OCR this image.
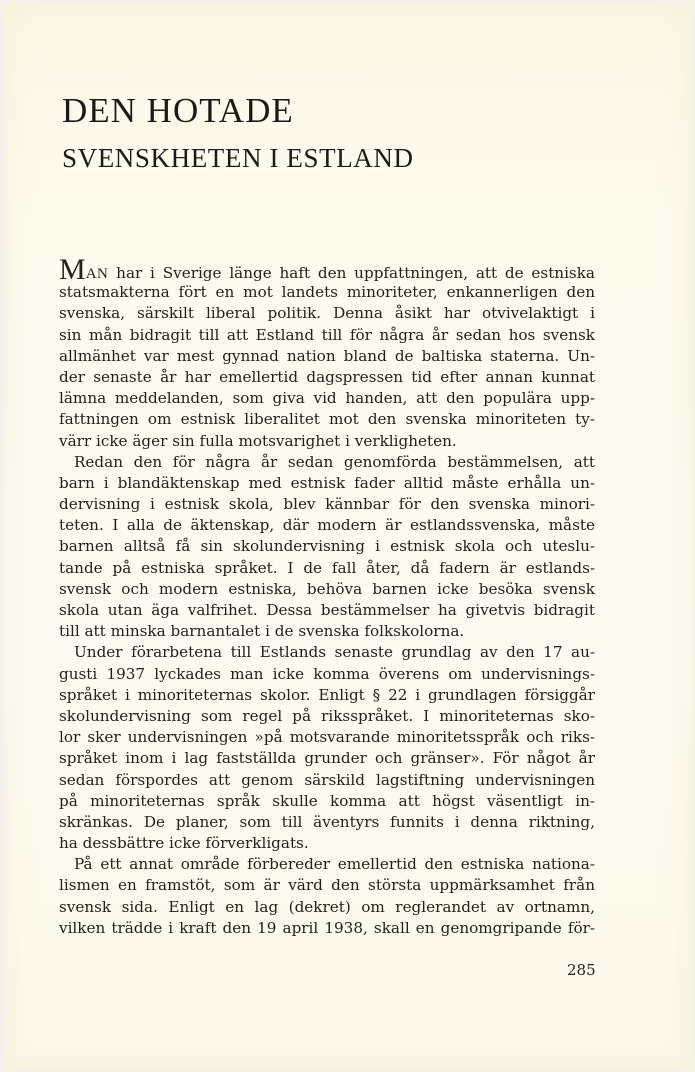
DEN HOTADE
SVENSKHETEN I ESTLAND
MAN har i Sverige länge haft den uppfattningen, att de estniska
statsmakterna fört en mot landets minoriteter, enkannerligen den
svenska, särskilt liberal politik. Denna åsikt har otvivelaktigt i
sin mån bidragit till att Estland till för några år sedan hos svensk
allmänhet var mest gynnad nation bland de baltiska staterna. Un-
der senaste år har emellertid dagspressen tid efter annan kunnat
lämna meddelanden, som giva vid handen, att den populära upp-
fattningen om estnisk liberalitet mot den svenska minoriteten ty-
värr icke äger sin fulla motsvarighet i verkligheten.
Redan den för några år sedan genomförda bestämmelsen, att
barn i blandäktenskap med estnisk fader alltid måste erhålla un-
dervisning i estnisk skola, blev kännbar för den svenska minori-
teten. I alla de äktenskap, där modern är estlandssvenska, måste
barnen alltså få sin skolundervisning i estnisk skola och uteslu-
tande på estniska språket. I de fall åter, då fadern är estlands-
svensk och modern estniska, behöva barnen icke besöka svensk
skola utan äga valfrihet. Dessa bestämmelser ha givetvis bidragit
till att minska barnantalet i de svenska folkskolorna.
Under förarbetena till Estlands senaste grundlag av den 17 au-
gusti 1937 lyckades man icke komma överens om undervisnings-
språket i minoriteternas skolor. Enligt § 22 i grundlagen försiggår
skolundervisning som regel på riksspråket. I minoriteternas sko-
lor sker undervisningen »på motsvarande minoritetsspråk och riks-
språket inom i lag fastställda grunder och gränser». För något år
sedan förspordes att genom särskild lagstiftning undervisningen
på minoriteternas språk skulle komma att högst väsentligt in-
skränkas. De planer, som till äventyrs funnits i denna riktning,
ha dessbättre icke förverkligats.
På ett annat område förbereder emellertid den estniska nationa-
lismen en framstöt, som är värd den största uppmärksamhet från
svensk sida. Enligt en lag (dekret) om reglerandet av ortnamn,
vilken trädde i kraft den 19 april 1938, skall en genomgripande för-
285
